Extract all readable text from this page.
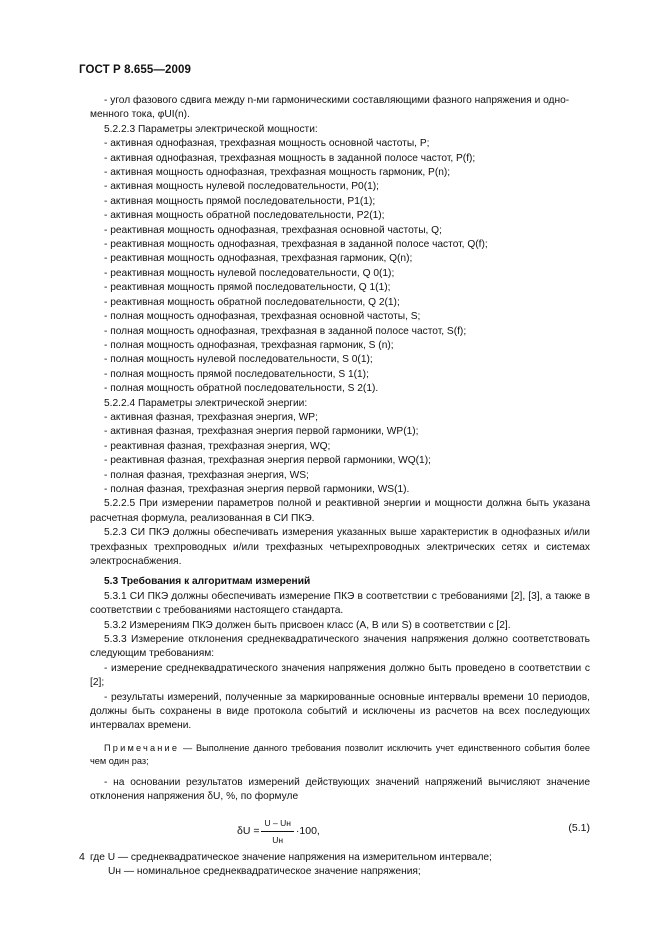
ГОСТ Р 8.655—2009

- угол фазового сдвига между n-ми гармоническими составляющими фазного напряжения и одно-

менного тока, φUI(n).

5.2.2.3 Параметры электрической мощности:

- активная однофазная, трехфазная мощность основной частоты, P;

- активная однофазная, трехфазная мощность в заданной полосе частот, P(f);

- активная мощность однофазная, трехфазная мощность гармоник, P(n);

- активная мощность нулевой последовательности, P0(1);

- активная мощность прямой последовательности, P1(1);

- активная мощность обратной последовательности, P2(1);

- реактивная мощность однофазная, трехфазная основной частоты, Q;

- реактивная мощность однофазная, трехфазная в заданной полосе частот, Q(f);

- реактивная мощность однофазная, трехфазная гармоник, Q(n);

- реактивная мощность нулевой последовательности, Q 0(1);

- реактивная мощность прямой последовательности, Q 1(1);

- реактивная мощность обратной последовательности, Q 2(1);

- полная мощность однофазная, трехфазная основной частоты, S;

- полная мощность однофазная, трехфазная в заданной полосе частот, S(f);

- полная мощность однофазная, трехфазная гармоник, S (n);

- полная мощность нулевой последовательности, S 0(1);

- полная мощность прямой последовательности, S 1(1);

- полная мощность обратной последовательности, S 2(1).

5.2.2.4 Параметры электрической энергии:

- активная фазная, трехфазная энергия, WP;

- активная фазная, трехфазная энергия первой гармоники, WP(1);

- реактивная фазная, трехфазная энергия, WQ;

- реактивная фазная, трехфазная энергия первой гармоники, WQ(1);

- полная фазная, трехфазная энергия, WS;

- полная фазная, трехфазная энергия первой гармоники, WS(1).

5.2.2.5 При измерении параметров полной и реактивной энергии и мощности должна быть указана расчетная формула, реализованная в СИ ПКЭ.

5.2.3 СИ ПКЭ должны обеспечивать измерения указанных выше характеристик в однофазных и/или трехфазных трехпроводных и/или трехфазных четырехпроводных электрических сетях и системах электроснабжения.

5.3 Требования к алгоритмам измерений

5.3.1 СИ ПКЭ должны обеспечивать измерение ПКЭ в соответствии с требованиями [2], [3], а также в соответствии с требованиями настоящего стандарта.

5.3.2 Измерениям ПКЭ должен быть присвоен класс (А, В или S) в соответствии с [2].

5.3.3 Измерение отклонения среднеквадратического значения напряжения должно соответствовать следующим требованиям:

- измерение среднеквадратического значения напряжения должно быть проведено в соответствии с [2];

- результаты измерений, полученные за маркированные основные интервалы времени 10 периодов, должны быть сохранены в виде протокола событий и исключены из расчетов на всех последующих интервалах времени.

Примечание — Выполнение данного требования позволит исключить учет единственного события более чем один раз;

- на основании результатов измерений действующих значений напряжений вычисляют значение отклонения напряжения δU, %, по формуле

$\delta U = \frac{U - Uн}{Uн} \cdot 100$,	(5.1)

где U — среднеквадратическое значение напряжения на измерительном интервале;

Uн — номинальное среднеквадратическое значение напряжения;

4
